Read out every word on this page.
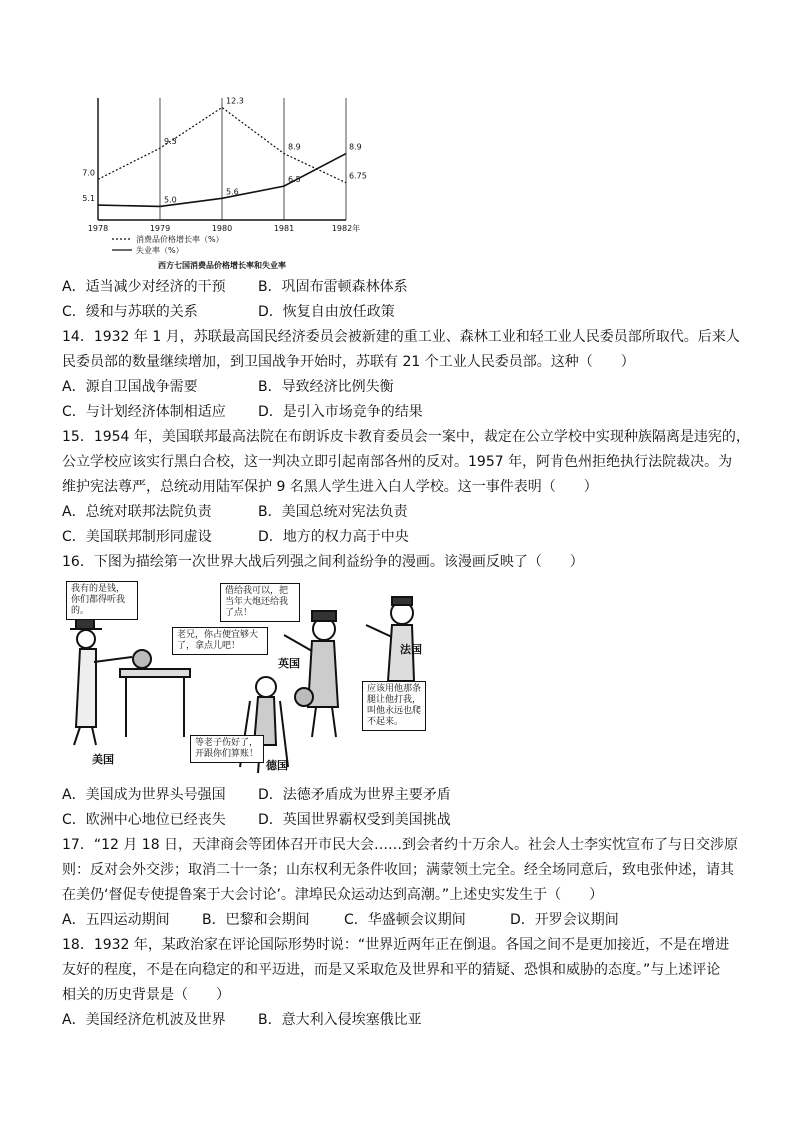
1978	1979	1980	1981	1982年
7.0
9.3
12.3
8.9
6.75
5.1	5.0
5.6
6.5
8.9
消费品价格增长率（%）
失业率（%）
西方七国消费品价格增长率和失业率
A．适当减少对经济的干预 B．巩固布雷顿森林体系
C．缓和与苏联的关系	D．恢复自由放任政策
14．1932 年 1 月，苏联最高国民经济委员会被新建的重工业、森林工业和轻工业人民委员部所取代。后来人
民委员部的数量继续增加，到卫国战争开始时，苏联有 21 个工业人民委员部。这种（　　）
A．源自卫国战争需要	B．导致经济比例失衡
C．与计划经济体制相适应 D．是引入市场竞争的结果
15．1954 年，美国联邦最高法院在布朗诉皮卡教育委员会一案中，裁定在公立学校中实现种族隔离是违宪的，
公立学校应该实行黑白合校，这一判决立即引起南部各州的反对。1957 年，阿肯色州拒绝执行法院裁决。为
维护宪法尊严，总统动用陆军保护 9 名黑人学生进入白人学校。这一事件表明（　　）
A．总统对联邦法院负责	B．美国总统对宪法负责
C．美国联邦制形同虚设	D．地方的权力高于中央
16．下图为描绘第一次世界大战后列强之间利益纷争的漫画。该漫画反映了（　　）
我有的是钱，你们都得听我的。
借给我可以，把当年大炮还给我了点！
老兄，你占便宜够大了，拿点儿吧！
应该用他那条腿让他打我，叫他永远也爬不起来。
等老子伤好了，开跟你们算账！
美国
英国
法国
德国
A．美国成为世界头号强国 D．法德矛盾成为世界主要矛盾
C．欧洲中心地位已经丧失 D．英国世界霸权受到美国挑战
17．“12 月 18 日，天津商会等团体召开市民大会……到会者约十万余人。社会人士李实忱宣布了与日交涉原
则：反对会外交涉；取消二十一条；山东权利无条件收回；满蒙领土完全。经全场同意后，致电张仲述，请其
在美仍‘督促专使提鲁案于大会讨论’。津埠民众运动达到高潮。”上述史实发生于（　　）
A．五四运动期间 B．巴黎和会期间 C．华盛顿会议期间	D．开罗会议期间
18．1932 年，某政治家在评论国际形势时说：“世界近两年正在倒退。各国之间不是更加接近，不是在增进
友好的程度，不是在向稳定的和平迈进，而是又采取危及世界和平的猜疑、恐惧和威胁的态度。”与上述评论
相关的历史背景是（　　）
A．美国经济危机波及世界 B．意大利入侵埃塞俄比亚
